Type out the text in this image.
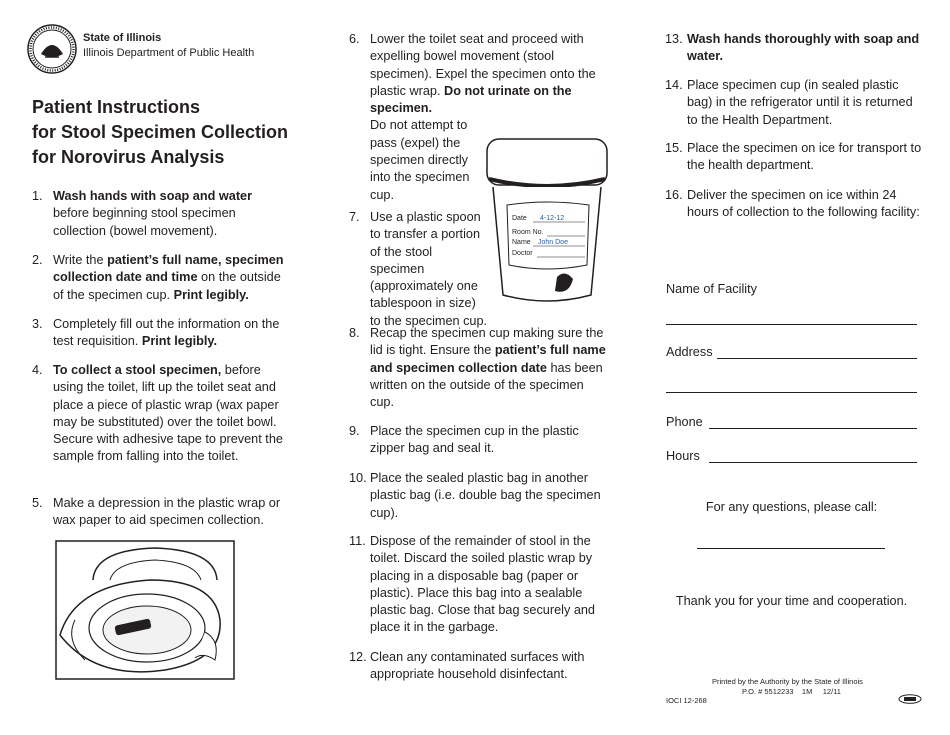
State of Illinois
Illinois Department of Public Health
Patient Instructions
for Stool Specimen Collection
for Norovirus Analysis
1. Wash hands with soap and water before beginning stool specimen collection (bowel movement).
2. Write the patient’s full name, specimen collection date and time on the outside of the specimen cup. Print legibly.
3. Completely fill out the information on the test requisition. Print legibly.
4. To collect a stool specimen, before using the toilet, lift up the toilet seat and place a piece of plastic wrap (wax paper may be substituted) over the toilet bowl. Secure with adhesive tape to prevent the sample from falling into the toilet.
5. Make a depression in the plastic wrap or wax paper to aid specimen collection.
6. Lower the toilet seat and proceed with expelling bowel movement (stool specimen). Expel the specimen onto the plastic wrap. Do not urinate on the specimen.
Do not attempt to pass (expel) the specimen directly into the specimen cup.
7. Use a plastic spoon to transfer a portion of the stool specimen (approximately one tablespoon in size) to the specimen cup.
8. Recap the specimen cup making sure the lid is tight. Ensure the patient’s full name and specimen collection date has been written on the outside of the specimen cup.
9. Place the specimen cup in the plastic zipper bag and seal it.
10. Place the sealed plastic bag in another plastic bag (i.e. double bag the specimen cup).
11. Dispose of the remainder of stool in the toilet. Discard the soiled plastic wrap by placing in a disposable bag (paper or plastic). Place this bag into a sealable plastic bag. Close that bag securely and place it in the garbage.
12. Clean any contaminated surfaces with appropriate household disinfectant.
Date 4-12-12
Room No.
Name John Doe
Doctor
13. Wash hands thoroughly with soap and water.
14. Place specimen cup (in sealed plastic bag) in the refrigerator until it is returned to the Health Department.
15. Place the specimen on ice for transport to the health department.
16. Deliver the specimen on ice within 24 hours of collection to the following facility:
Name of Facility
Address
Phone
Hours
For any questions, please call:
Thank you for your time and cooperation.
Printed by the Authority by the State of Illinois
P.O. # 5512233    1M     12/11
IOCI 12-268
